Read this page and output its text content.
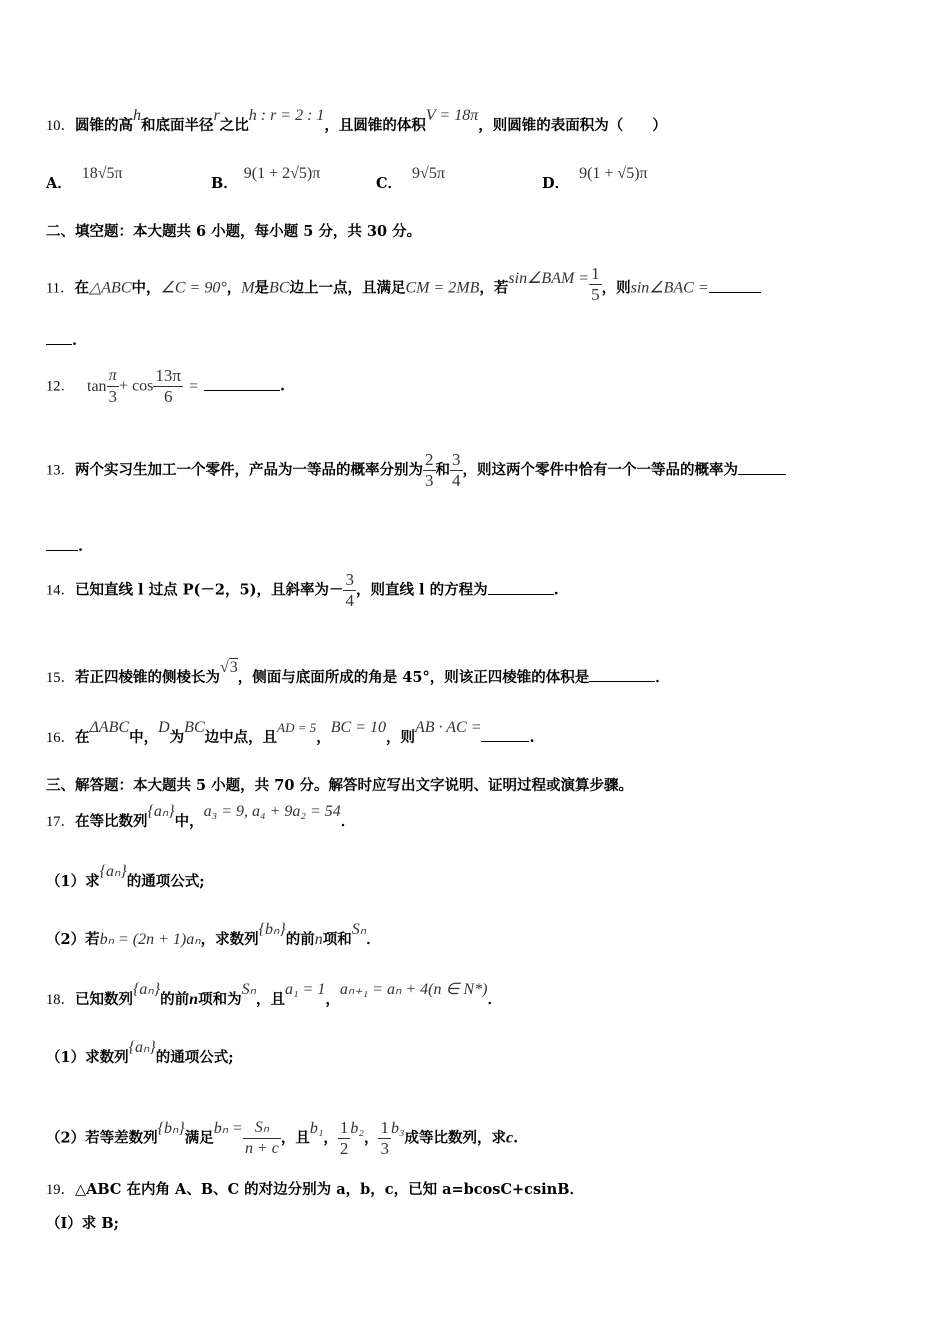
10．圆锥的高h和底面半径r之比h : r = 2 : 1，且圆锥的体积V = 18π，则圆锥的表面积为（　　）
A．18√5π
B．9(1 + 2√5)π
C．9√5π
D．9(1 + √5)π
二、填空题：本大题共 6 小题，每小题 5 分，共 30 分。
11．在△ABC中，∠C = 90°，M是BC边上一点，且满足CM = 2MB，若sin∠BAM = $\frac{1}{5}$ ，则sin∠BAC =
.
12． $\tan \frac{\pi}{3} + \cos \frac{13\pi}{6}$ =	.
13．两个实习生加工一个零件，产品为一等品的概率分别为 $\frac{2}{3}$ 和 $\frac{3}{4}$ ，则这两个零件中恰有一个一等品的概率为
.
14．已知直线 l 过点 P(－2，5)，且斜率为－ $\frac{3}{4}$ ，则直线 l 的方程为	.
15．若正四棱锥的侧棱长为√3，侧面与底面所成的角是 45°，则该正四棱锥的体积是	．
16．在ΔABC中，D为BC边中点，且AD = 5，BC = 10，则AB · AC =.
三、解答题：本大题共 5 小题，共 70 分。解答时应写出文字说明、证明过程或演算步骤。
17．在等比数列{aₙ}中，a₃ = 9, a₄ + 9a₂ = 54．
（1）求{aₙ}的通项公式;
（2）若bₙ = (2n + 1)aₙ，求数列{bₙ}的前n项和Sₙ．
18．已知数列{aₙ}的前n项和为Sₙ，且a₁ = 1，aₙ₊₁ = aₙ + 4(n ∈ N*)．
（1）求数列{aₙ}的通项公式;
（2）若等差数列{bₙ}满足$b_n = \frac{\text{Sₙ}}{n + c}$ ，且b₁， $\frac{1}{2} b_2$， $\frac{1}{3} b_3$成等比数列，求c.
19．△ABC 在内角 A、B、C 的对边分别为 a，b，c，已知 a=bcosC+csinB．
（Ⅰ）求 B;
